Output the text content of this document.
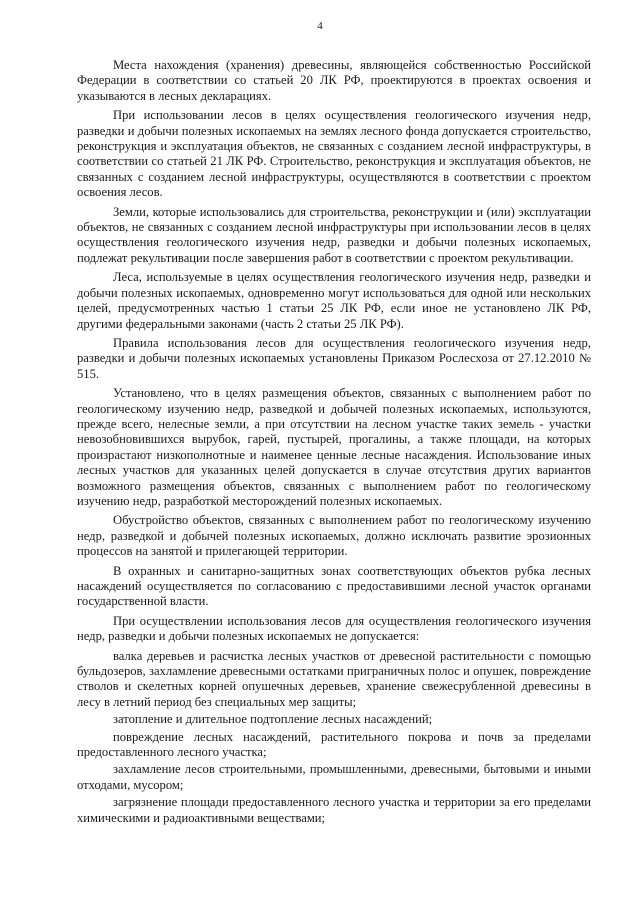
4

Места нахождения (хранения) древесины, являющейся собственностью Российской Федерации в соответствии со статьей 20 ЛК РФ, проектируются в проектах освоения и указываются в лесных декларациях.

При использовании лесов в целях осуществления геологического изучения недр, разведки и добычи полезных ископаемых на землях лесного фонда допускается строительство, реконструкция и эксплуатация объектов, не связанных с созданием лесной инфраструктуры, в соответствии со статьей 21 ЛК РФ. Строительство, реконструкция и эксплуатация объектов, не связанных с созданием лесной инфраструктуры, осуществляются в соответствии с проектом освоения лесов.

Земли, которые использовались для строительства, реконструкции и (или) эксплуатации объектов, не связанных с созданием лесной инфраструктуры при использовании лесов в целях осуществления геологического изучения недр, разведки и добычи полезных ископаемых, подлежат рекультивации после завершения работ в соответствии с проектом рекультивации.

Леса, используемые в целях осуществления геологического изучения недр, разведки и добычи полезных ископаемых, одновременно могут использоваться для одной или нескольких целей, предусмотренных частью 1 статьи 25 ЛК РФ, если иное не установлено ЛК РФ, другими федеральными законами (часть 2 статьи 25 ЛК РФ).

Правила использования лесов для осуществления геологического изучения недр, разведки и добычи полезных ископаемых установлены Приказом Рослесхоза от 27.12.2010 № 515.

Установлено, что в целях размещения объектов, связанных с выполнением работ по геологическому изучению недр, разведкой и добычей полезных ископаемых, используются, прежде всего, нелесные земли, а при отсутствии на лесном участке таких земель - участки невозобновившихся вырубок, гарей, пустырей, прогалины, а также площади, на которых произрастают низкополнотные и наименее ценные лесные насаждения. Использование иных лесных участков для указанных целей допускается в случае отсутствия других вариантов возможного размещения объектов, связанных с выполнением работ по геологическому изучению недр, разработкой месторождений полезных ископаемых.

Обустройство объектов, связанных с выполнением работ по геологическому изучению недр, разведкой и добычей полезных ископаемых, должно исключать развитие эрозионных процессов на занятой и прилегающей территории.

В охранных и санитарно-защитных зонах соответствующих объектов рубка лесных насаждений осуществляется по согласованию с предоставившими лесной участок органами государственной власти.

При осуществлении использования лесов для осуществления геологического изучения недр, разведки и добычи полезных ископаемых не допускается:

валка деревьев и расчистка лесных участков от древесной растительности с помощью бульдозеров, захламление древесными остатками приграничных полос и опушек, повреждение стволов и скелетных корней опушечных деревьев, хранение свежесрубленной древесины в лесу в летний период без специальных мер защиты;

затопление и длительное подтопление лесных насаждений;

повреждение лесных насаждений, растительного покрова и почв за пределами предоставленного лесного участка;

захламление лесов строительными, промышленными, древесными, бытовыми и иными отходами, мусором;

загрязнение площади предоставленного лесного участка и территории за его пределами химическими и радиоактивными веществами;
